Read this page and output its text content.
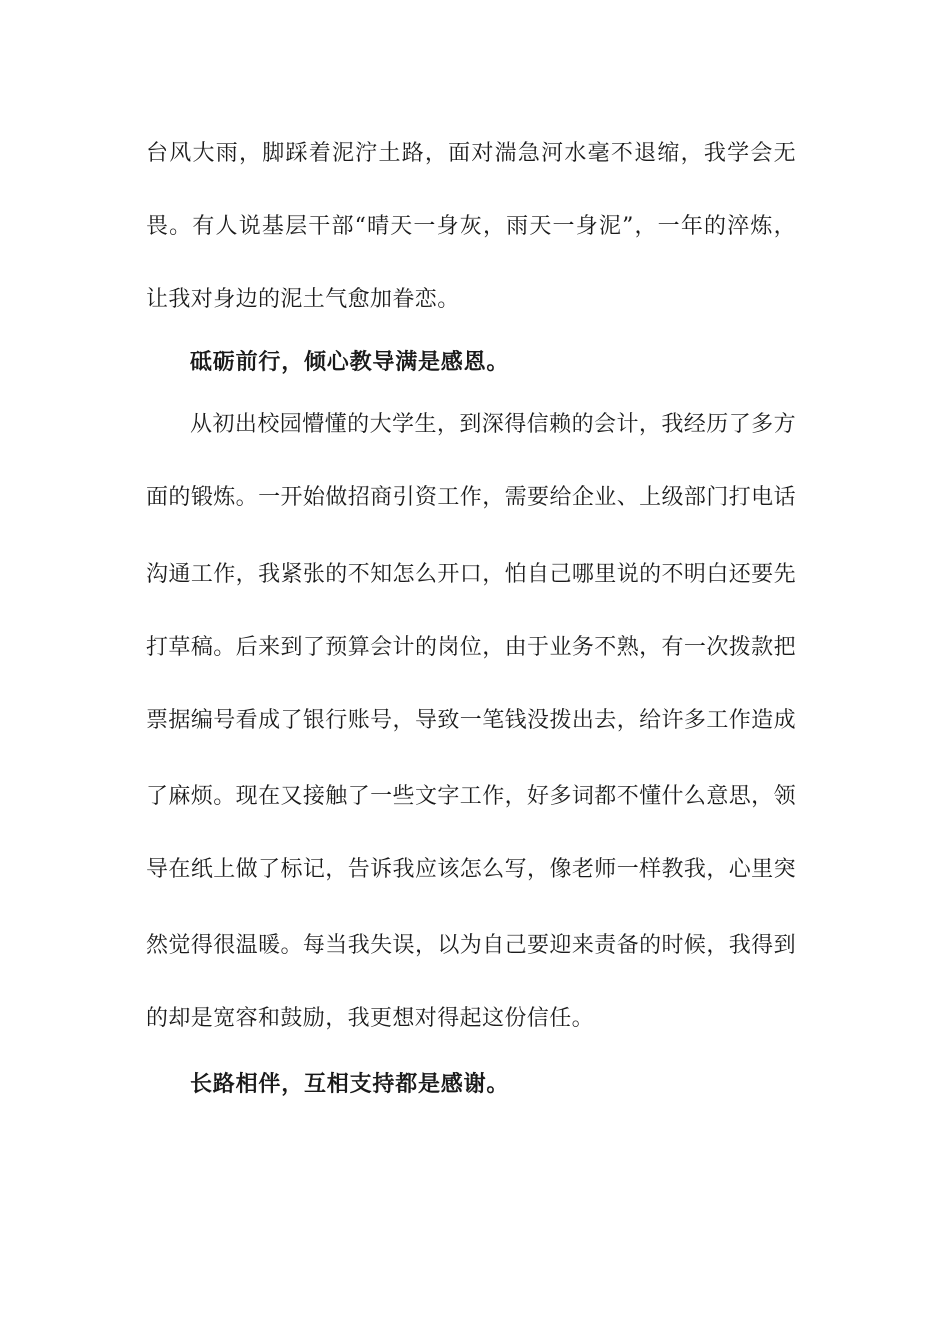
台风大雨，脚踩着泥泞土路，面对湍急河水毫不退缩，我学会无
畏。有人说基层干部“晴天一身灰，雨天一身泥”，一年的淬炼，
让我对身边的泥土气愈加眷恋。
砥砺前行，倾心教导满是感恩。
从初出校园懵懂的大学生，到深得信赖的会计，我经历了多方
面的锻炼。一开始做招商引资工作，需要给企业、上级部门打电话
沟通工作，我紧张的不知怎么开口，怕自己哪里说的不明白还要先
打草稿。后来到了预算会计的岗位，由于业务不熟，有一次拨款把
票据编号看成了银行账号，导致一笔钱没拨出去，给许多工作造成
了麻烦。现在又接触了一些文字工作，好多词都不懂什么意思，领
导在纸上做了标记，告诉我应该怎么写，像老师一样教我，心里突
然觉得很温暖。每当我失误，以为自己要迎来责备的时候，我得到
的却是宽容和鼓励，我更想对得起这份信任。
长路相伴，互相支持都是感谢。
